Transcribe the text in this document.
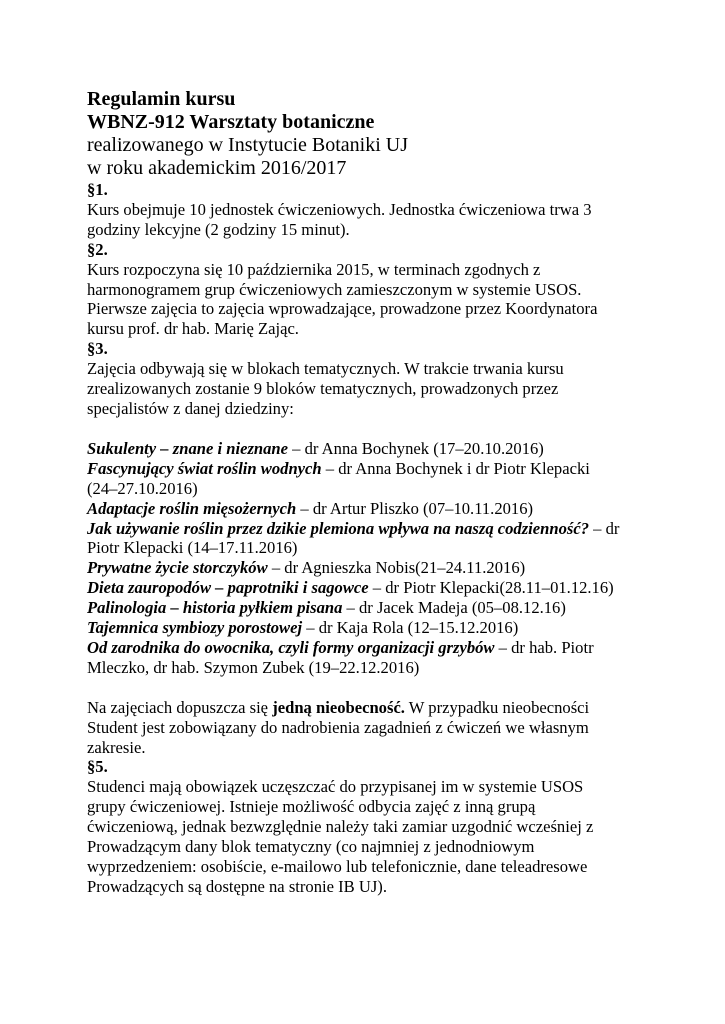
Regulamin kursu

WBNZ-912 Warsztaty botaniczne

realizowanego w Instytucie Botaniki UJ

w roku akademickim 2016/2017

§1.

Kurs obejmuje 10 jednostek ćwiczeniowych. Jednostka ćwiczeniowa trwa 3

godziny lekcyjne (2 godziny 15 minut).

§2.

Kurs rozpoczyna się 10 października 2015, w terminach zgodnych z

harmonogramem grup ćwiczeniowych zamieszczonym w systemie USOS.

Pierwsze zajęcia to zajęcia wprowadzające, prowadzone przez Koordynatora

kursu prof. dr hab. Marię Zając.

§3.

Zajęcia odbywają się w blokach tematycznych. W trakcie trwania kursu

zrealizowanych zostanie 9 bloków tematycznych, prowadzonych przez

specjalistów z danej dziedziny:

Sukulenty – znane i nieznane – dr Anna Bochynek (17–20.10.2016)

Fascynujący świat roślin wodnych – dr Anna Bochynek i dr Piotr Klepacki

(24–27.10.2016)

Adaptacje roślin mięsożernych – dr Artur Pliszko (07–10.11.2016)

Jak używanie roślin przez dzikie plemiona wpływa na naszą codzienność? – dr

Piotr Klepacki (14–17.11.2016)

Prywatne życie storczyków – dr Agnieszka Nobis(21–24.11.2016)

Dieta zauropodów – paprotniki i sagowce – dr Piotr Klepacki(28.11–01.12.16)

Palinologia – historia pyłkiem pisana – dr Jacek Madeja (05–08.12.16)

Tajemnica symbiozy porostowej – dr Kaja Rola (12–15.12.2016)

Od zarodnika do owocnika, czyli formy organizacji grzybów – dr hab. Piotr

Mleczko, dr hab. Szymon Zubek (19–22.12.2016)

Na zajęciach dopuszcza się jedną nieobecność. W przypadku nieobecności

Student jest zobowiązany do nadrobienia zagadnień z ćwiczeń we własnym

zakresie.

§5.

Studenci mają obowiązek uczęszczać do przypisanej im w systemie USOS

grupy ćwiczeniowej. Istnieje możliwość odbycia zajęć z inną grupą

ćwiczeniową, jednak bezwzględnie należy taki zamiar uzgodnić wcześniej z

Prowadzącym dany blok tematyczny (co najmniej z jednodniowym

wyprzedzeniem: osobiście, e-mailowo lub telefonicznie, dane teleadresowe

Prowadzących są dostępne na stronie IB UJ).
